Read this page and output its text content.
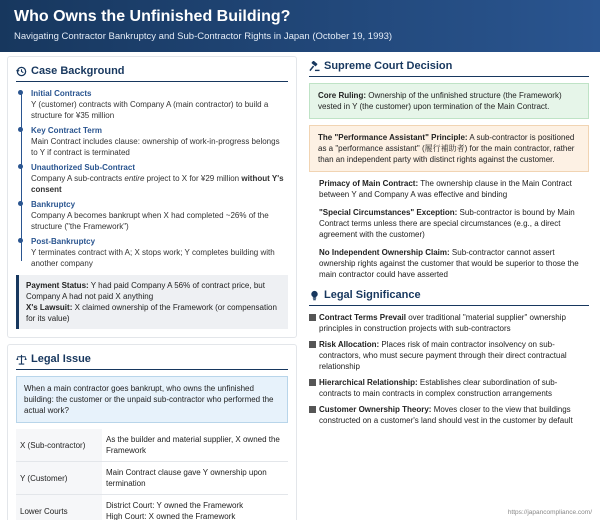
Who Owns the Unfinished Building?
Navigating Contractor Bankruptcy and Sub-Contractor Rights in Japan (October 19, 1993)
Case Background
Initial Contracts
Y (customer) contracts with Company A (main contractor) to build a structure for ¥35 million
Key Contract Term
Main Contract includes clause: ownership of work-in-progress belongs to Y if contract is terminated
Unauthorized Sub-Contract
Company A sub-contracts entire project to X for ¥29 million without Y's consent
Bankruptcy
Company A becomes bankrupt when X had completed ~26% of the structure ("the Framework")
Post-Bankruptcy
Y terminates contract with A; X stops work; Y completes building with another company
Payment Status: Y had paid Company A 56% of contract price, but Company A had not paid X anything
X's Lawsuit: X claimed ownership of the Framework (or compensation for its value)
Legal Issue
When a main contractor goes bankrupt, who owns the unfinished building: the customer or the unpaid sub-contractor who performed the actual work?
X (Sub-contractor)	As the builder and material supplier, X owned the Framework
Y (Customer)	Main Contract clause gave Y ownership upon termination
Lower Courts	District Court: Y owned the Framework
High Court: X owned the Framework
Supreme Court Decision
Core Ruling: Ownership of the unfinished structure (the Framework) vested in Y (the customer) upon termination of the Main Contract.
The "Performance Assistant" Principle: A sub-contractor is positioned as a "performance assistant" (履行補助者) for the main contractor, rather than an independent party with distinct rights against the customer.

Primacy of Main Contract: The ownership clause in the Main Contract between Y and Company A was effective and binding

"Special Circumstances" Exception: Sub-contractor is bound by Main Contract terms unless there are special circumstances (e.g., a direct agreement with the customer)

No Independent Ownership Claim: Sub-contractor cannot assert ownership rights against the customer that would be superior to those the main contractor could have asserted

Legal Significance
Contract Terms Prevail over traditional "material supplier" ownership principles in construction projects with sub-contractors
Risk Allocation: Places risk of main contractor insolvency on sub-contractors, who must secure payment through their direct contractual relationship
Hierarchical Relationship: Establishes clear subordination of sub-contracts to main contracts in complex construction arrangements
Customer Ownership Theory: Moves closer to the view that buildings constructed on a customer's land should vest in the customer by default
https://japancompliance.com/
